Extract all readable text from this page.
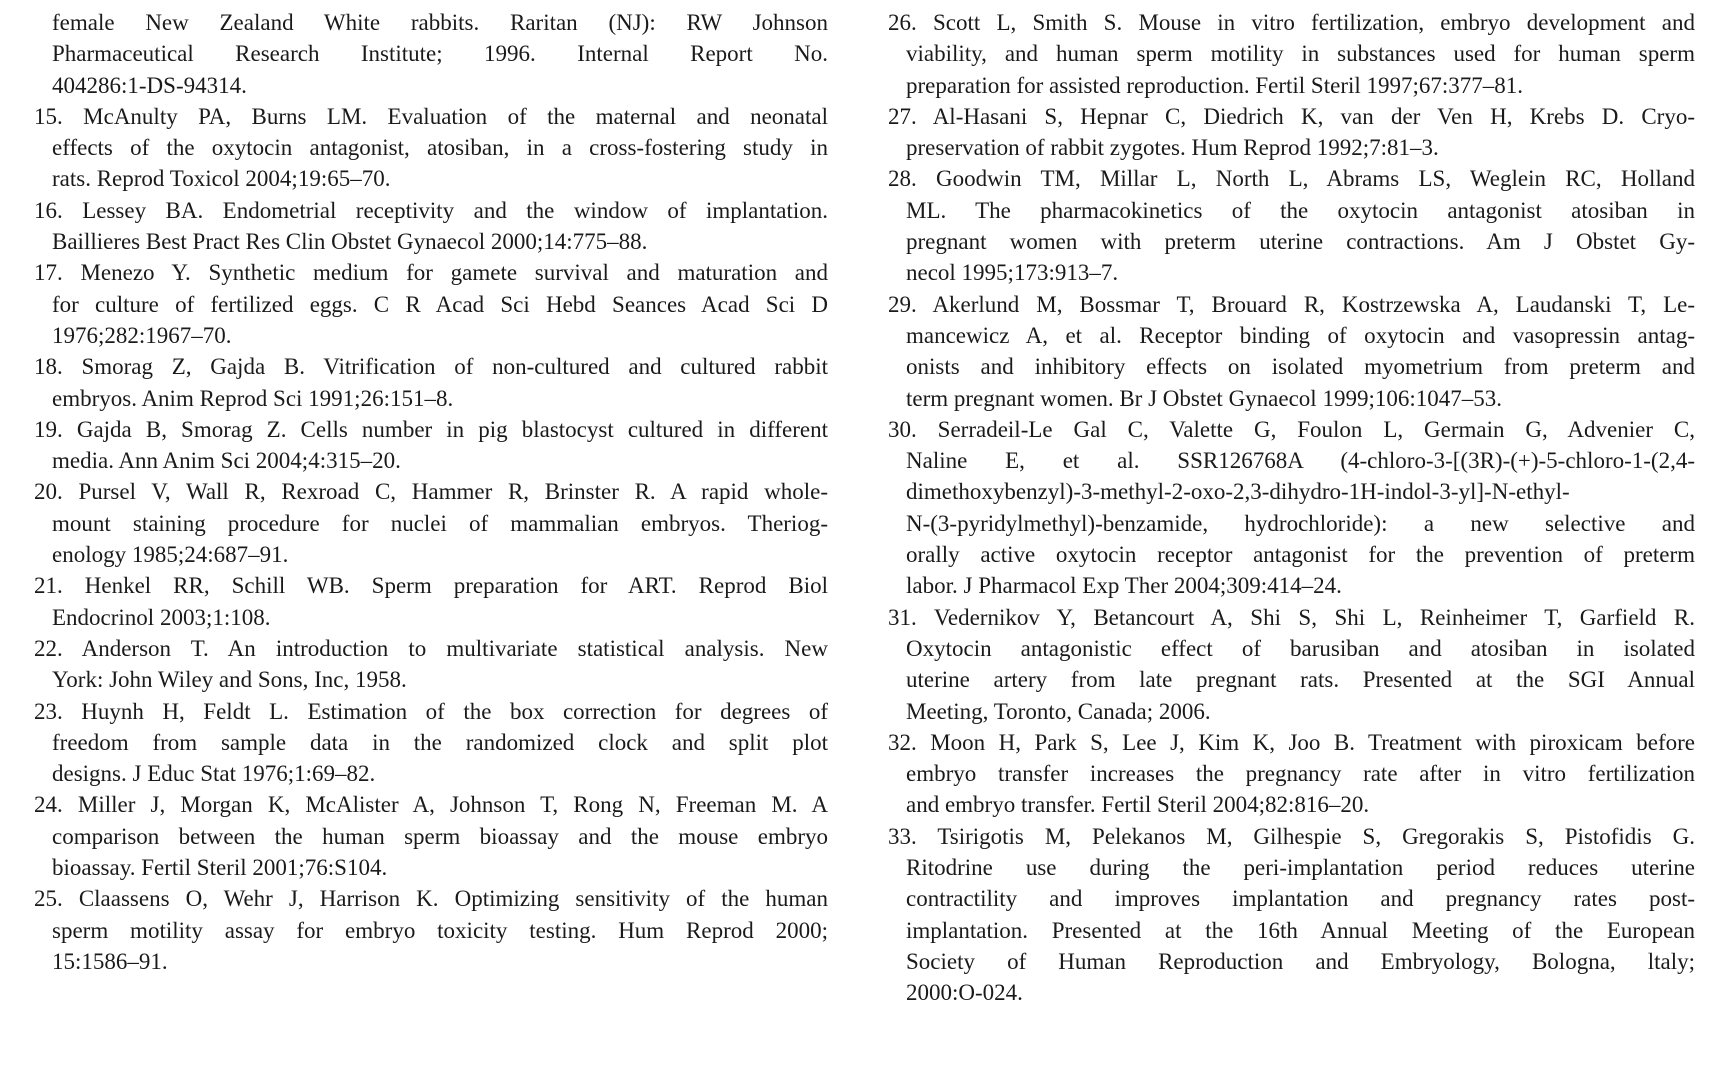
female New Zealand White rabbits. Raritan (NJ): RW Johnson
Pharmaceutical Research Institute; 1996. Internal Report No.
404286:1-DS-94314.
15. McAnulty PA, Burns LM. Evaluation of the maternal and neonatal
effects of the oxytocin antagonist, atosiban, in a cross-fostering study in
rats. Reprod Toxicol 2004;19:65–70.
16. Lessey BA. Endometrial receptivity and the window of implantation.
Baillieres Best Pract Res Clin Obstet Gynaecol 2000;14:775–88.
17. Menezo Y. Synthetic medium for gamete survival and maturation and
for culture of fertilized eggs. C R Acad Sci Hebd Seances Acad Sci D
1976;282:1967–70.
18. Smorag Z, Gajda B. Vitrification of non-cultured and cultured rabbit
embryos. Anim Reprod Sci 1991;26:151–8.
19. Gajda B, Smorag Z. Cells number in pig blastocyst cultured in different
media. Ann Anim Sci 2004;4:315–20.
20. Pursel V, Wall R, Rexroad C, Hammer R, Brinster R. A rapid whole-
mount staining procedure for nuclei of mammalian embryos. Theriog-
enology 1985;24:687–91.
21. Henkel RR, Schill WB. Sperm preparation for ART. Reprod Biol
Endocrinol 2003;1:108.
22. Anderson T. An introduction to multivariate statistical analysis. New
York: John Wiley and Sons, Inc, 1958.
23. Huynh H, Feldt L. Estimation of the box correction for degrees of
freedom from sample data in the randomized clock and split plot
designs. J Educ Stat 1976;1:69–82.
24. Miller J, Morgan K, McAlister A, Johnson T, Rong N, Freeman M. A
comparison between the human sperm bioassay and the mouse embryo
bioassay. Fertil Steril 2001;76:S104.
25. Claassens O, Wehr J, Harrison K. Optimizing sensitivity of the human
sperm motility assay for embryo toxicity testing. Hum Reprod 2000;
15:1586–91.
26. Scott L, Smith S. Mouse in vitro fertilization, embryo development and
viability, and human sperm motility in substances used for human sperm
preparation for assisted reproduction. Fertil Steril 1997;67:377–81.
27. Al-Hasani S, Hepnar C, Diedrich K, van der Ven H, Krebs D. Cryo-
preservation of rabbit zygotes. Hum Reprod 1992;7:81–3.
28. Goodwin TM, Millar L, North L, Abrams LS, Weglein RC, Holland
ML. The pharmacokinetics of the oxytocin antagonist atosiban in
pregnant women with preterm uterine contractions. Am J Obstet Gy-
necol 1995;173:913–7.
29. Akerlund M, Bossmar T, Brouard R, Kostrzewska A, Laudanski T, Le-
mancewicz A, et al. Receptor binding of oxytocin and vasopressin antag-
onists and inhibitory effects on isolated myometrium from preterm and
term pregnant women. Br J Obstet Gynaecol 1999;106:1047–53.
30. Serradeil-Le Gal C, Valette G, Foulon L, Germain G, Advenier C,
Naline E, et al. SSR126768A (4-chloro-3-[(3R)-(+)-5-chloro-1-(2,4-
dimethoxybenzyl)-3-methyl-2-oxo-2,3-dihydro-1H-indol-3-yl]-N-ethyl-
N-(3-pyridylmethyl)-benzamide, hydrochloride): a new selective and
orally active oxytocin receptor antagonist for the prevention of preterm
labor. J Pharmacol Exp Ther 2004;309:414–24.
31. Vedernikov Y, Betancourt A, Shi S, Shi L, Reinheimer T, Garfield R.
Oxytocin antagonistic effect of barusiban and atosiban in isolated
uterine artery from late pregnant rats. Presented at the SGI Annual
Meeting, Toronto, Canada; 2006.
32. Moon H, Park S, Lee J, Kim K, Joo B. Treatment with piroxicam before
embryo transfer increases the pregnancy rate after in vitro fertilization
and embryo transfer. Fertil Steril 2004;82:816–20.
33. Tsirigotis M, Pelekanos M, Gilhespie S, Gregorakis S, Pistofidis G.
Ritodrine use during the peri-implantation period reduces uterine
contractility and improves implantation and pregnancy rates post-
implantation. Presented at the 16th Annual Meeting of the European
Society of Human Reproduction and Embryology, Bologna, ltaly;
2000:O-024.
